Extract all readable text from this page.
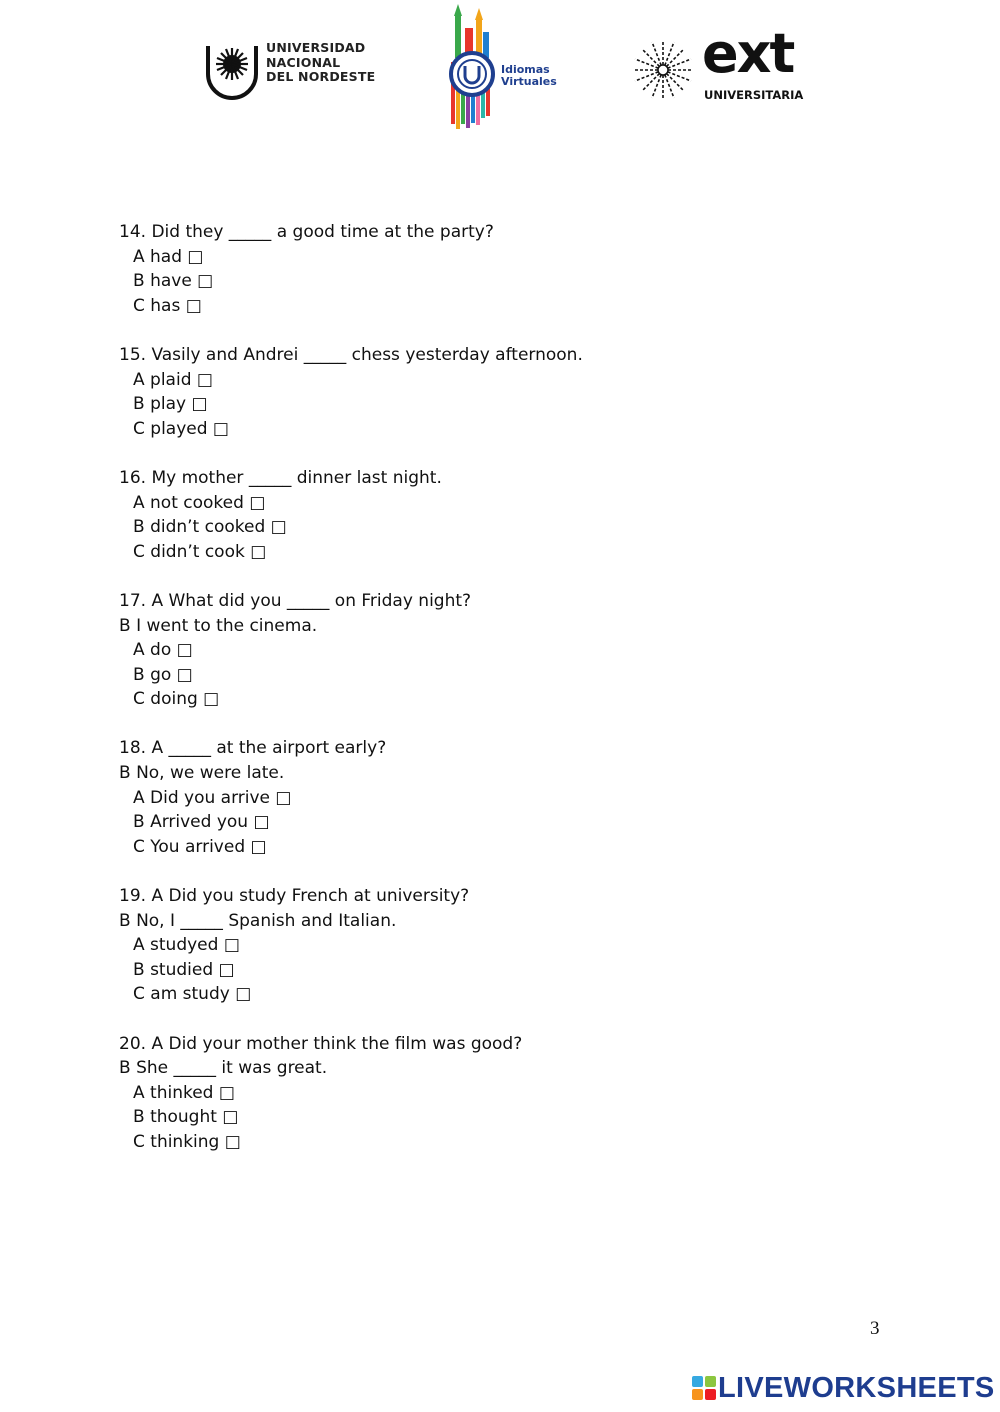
UNIVERSIDAD
NACIONAL
DEL NORDESTE	Idiomas
Virtuales	ext
UNIVERSITARIA
14. Did they _____ a good time at the party?
A had □
B have □
C has □
15. Vasily and Andrei _____ chess yesterday afternoon.
A plaid □
B play □
C played □
16. My mother _____ dinner last night.
A not cooked □
B didn’t cooked □
C didn’t cook □
17. A What did you _____ on Friday night?
B I went to the cinema.
A do □
B go □
C doing □
18. A _____ at the airport early?
B No, we were late.
A Did you arrive □
B Arrived you □
C You arrived □
19. A Did you study French at university?
B No, I _____ Spanish and Italian.
A studyed □
B studied □
C am study □
20. A Did your mother think the film was good?
B She _____ it was great.
A thinked □
B thought □
C thinking □
3
LIVEWORKSHEETS
